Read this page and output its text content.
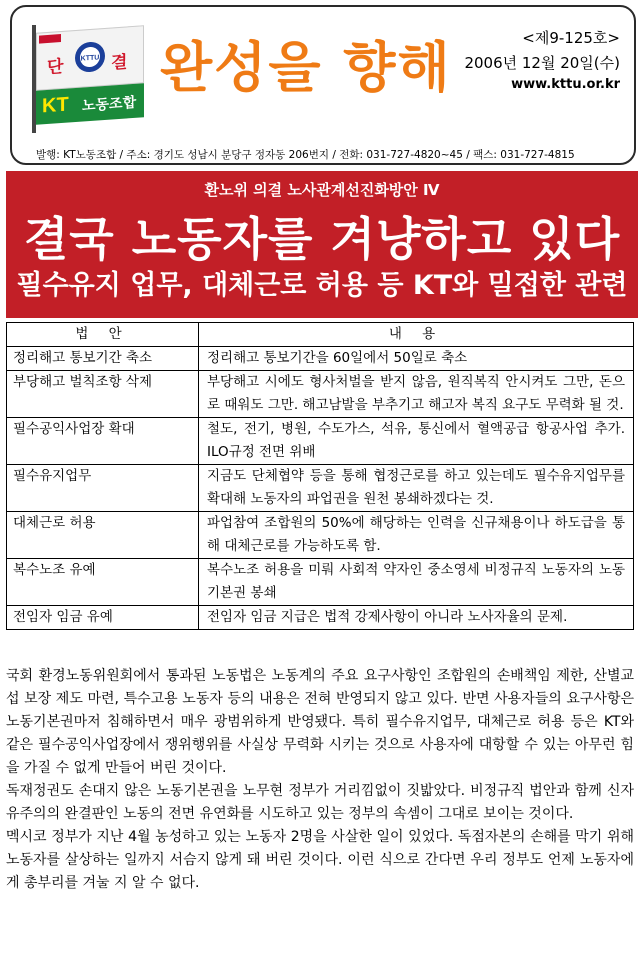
단 KTTU 결
KT 노동조합
완성을 향해	<제9-125호>
2006년 12월 20일(수)
www.kttu.or.kr
발행: KT노동조합 / 주소: 경기도 성남시 분당구 정자동 206번지 / 전화: 031-727-4820~45 / 팩스: 031-727-4815
환노위 의결 노사관계선진화방안 Ⅳ
결국 노동자를 겨냥하고 있다
필수유지 업무, 대체근로 허용 등 KT와 밀접한 관련
법 안	내 용
정리해고 통보기간 축소	정리해고 통보기간을 60일에서 50일로 축소
부당해고 벌칙조항 삭제	부당해고 시에도 형사처벌을 받지 않음, 원직복직 안시켜도 그만, 돈으로 때워도 그만. 해고남발을 부추기고 해고자 복직 요구도 무력화 될 것.
필수공익사업장 확대	철도, 전기, 병원, 수도가스, 석유, 통신에서 혈액공급 항공사업 추가. ILO규정 전면 위배
필수유지업무	지금도 단체협약 등을 통해 협정근로를 하고 있는데도 필수유지업무를 확대해 노동자의 파업권을 원천 봉쇄하겠다는 것.
대체근로 허용	파업참여 조합원의 50%에 해당하는 인력을 신규채용이나 하도급을 통해 대체근로를 가능하도록 함.
복수노조 유예	복수노조 허용을 미뤄 사회적 약자인 중소영세 비정규직 노동자의 노동 기본권 봉쇄
전임자 임금 유예	전임자 임금 지급은 법적 강제사항이 아니라 노사자율의 문제.

국회 환경노동위원회에서 통과된 노동법은 노동계의 주요 요구사항인 조합원의 손배책임 제한, 산별교섭 보장 제도 마련, 특수고용 노동자 등의 내용은 전혀 반영되지 않고 있다. 반면 사용자들의 요구사항은 노동기본권마저 침해하면서 매우 광범위하게 반영됐다. 특히 필수유지업무, 대체근로 허용 등은 KT와 같은 필수공익사업장에서 쟁위행위를 사실상 무력화 시키는 것으로 사용자에 대항할 수 있는 아무런 힘을 가질 수 없게 만들어 버린 것이다.

독재정권도 손대지 않은 노동기본권을 노무현 정부가 거리낌없이 짓밟았다. 비정규직 법안과 함께 신자유주의의 완결판인 노동의 전면 유연화를 시도하고 있는 정부의 속셈이 그대로 보이는 것이다.

멕시코 정부가 지난 4월 농성하고 있는 노동자 2명을 사살한 일이 있었다. 독점자본의 손해를 막기 위해 노동자를 살상하는 일까지 서슴지 않게 돼 버린 것이다. 이런 식으로 간다면 우리 정부도 언제 노동자에게 총부리를 겨눌 지 알 수 없다.
